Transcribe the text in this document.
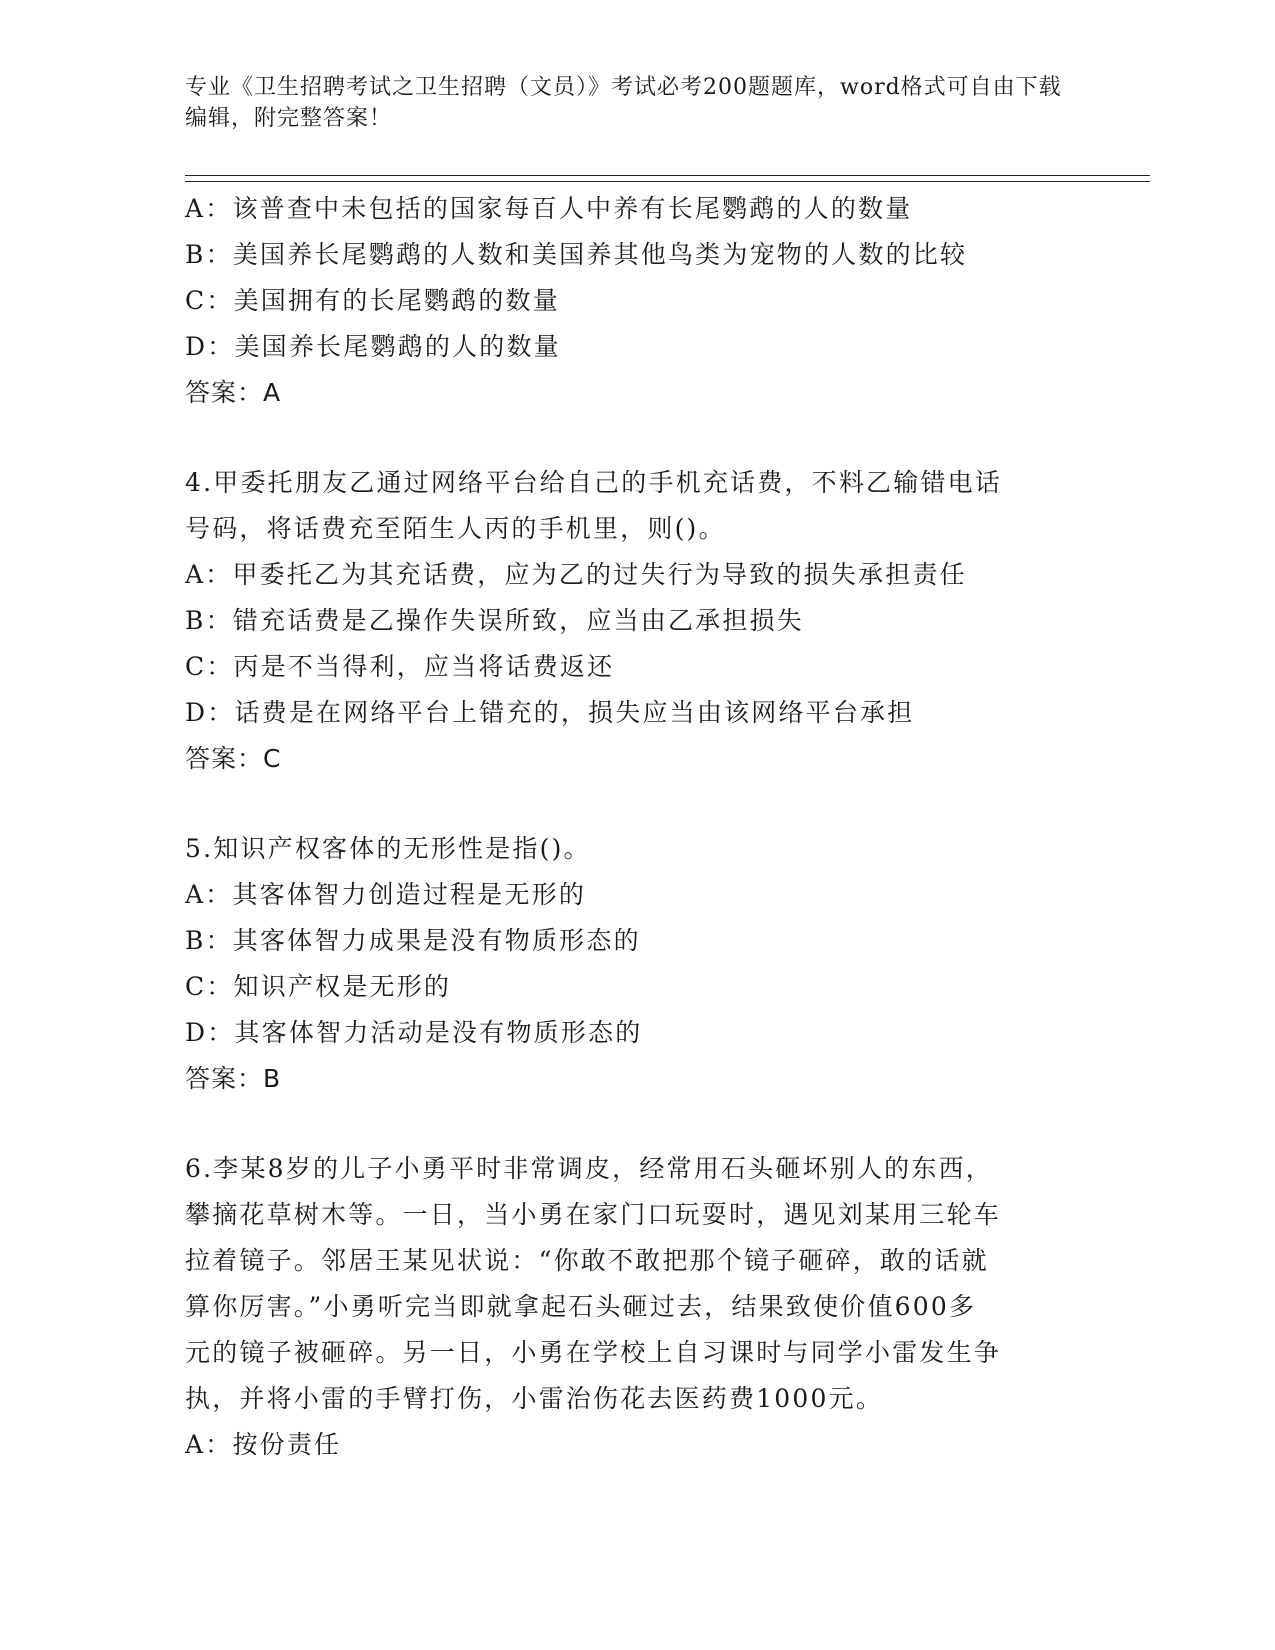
专业《卫生招聘考试之卫生招聘（文员）》考试必考200题题库，word格式可自由下载编辑，附完整答案！
A：该普查中未包括的国家每百人中养有长尾鹦鹉的人的数量
B：美国养长尾鹦鹉的人数和美国养其他鸟类为宠物的人数的比较
C：美国拥有的长尾鹦鹉的数量
D：美国养长尾鹦鹉的人的数量
答案：A
4.甲委托朋友乙通过网络平台给自己的手机充话费，不料乙输错电话
号码，将话费充至陌生人丙的手机里，则()。
A：甲委托乙为其充话费，应为乙的过失行为导致的损失承担责任
B：错充话费是乙操作失误所致，应当由乙承担损失
C：丙是不当得利，应当将话费返还
D：话费是在网络平台上错充的，损失应当由该网络平台承担
答案：C
5.知识产权客体的无形性是指()。
A：其客体智力创造过程是无形的
B：其客体智力成果是没有物质形态的
C：知识产权是无形的
D：其客体智力活动是没有物质形态的
答案：B
6.李某8岁的儿子小勇平时非常调皮，经常用石头砸坏别人的东西，
攀摘花草树木等。一日，当小勇在家门口玩耍时，遇见刘某用三轮车
拉着镜子。邻居王某见状说：“你敢不敢把那个镜子砸碎，敢的话就
算你厉害。”小勇听完当即就拿起石头砸过去，结果致使价值600多
元的镜子被砸碎。另一日，小勇在学校上自习课时与同学小雷发生争
执，并将小雷的手臂打伤，小雷治伤花去医药费1000元。
A：按份责任
